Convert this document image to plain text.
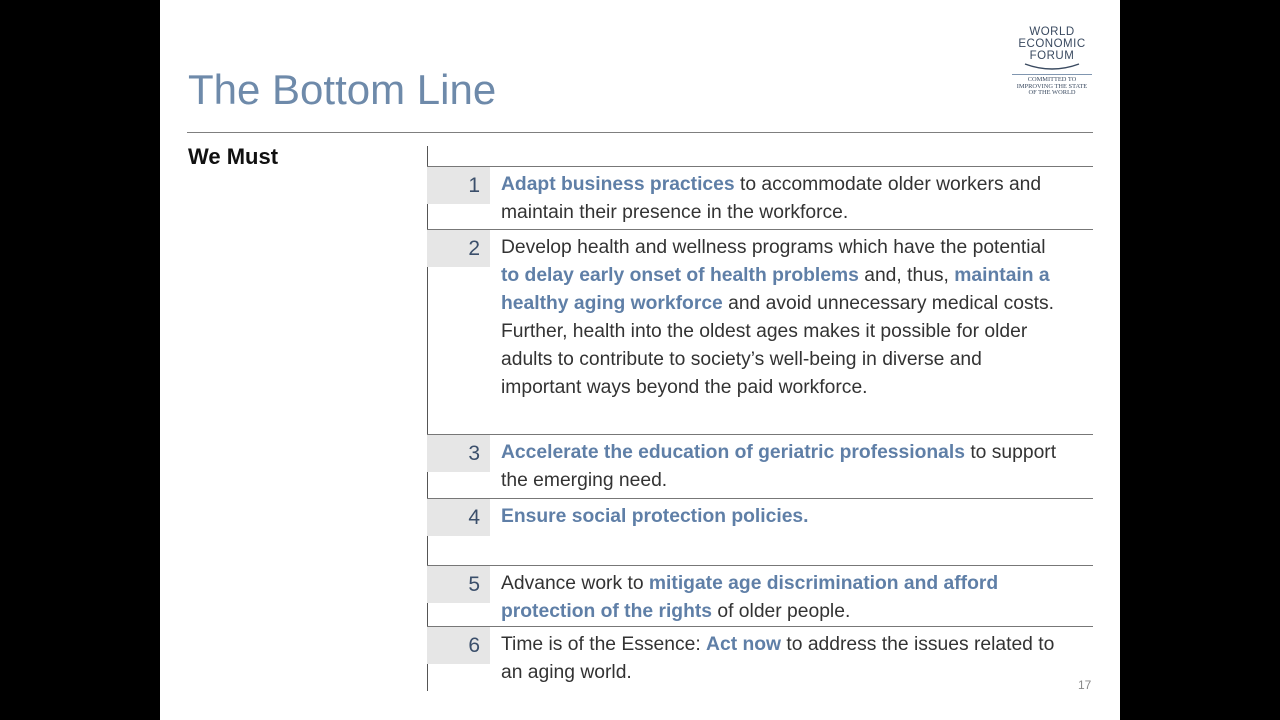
The Bottom Line
WORLD
ECONOMIC
FORUM
COMMITTED TO
IMPROVING THE STATE
OF THE WORLD
We Must
1	Adapt business practices to accommodate older workers and maintain their presence in the workforce.
2	Develop health and wellness programs which have the potential to delay early onset of health problems and, thus, maintain a healthy aging workforce and avoid unnecessary medical costs. Further, health into the oldest ages makes it possible for older adults to contribute to society’s well-being in diverse and important ways beyond the paid workforce.
3	Accelerate the education of geriatric professionals to support the emerging need.
4	Ensure social protection policies.
5	Advance work to mitigate age discrimination and afford protection of the rights of older people.
6	Time is of the Essence: Act now to address the issues related to an aging world.
17
